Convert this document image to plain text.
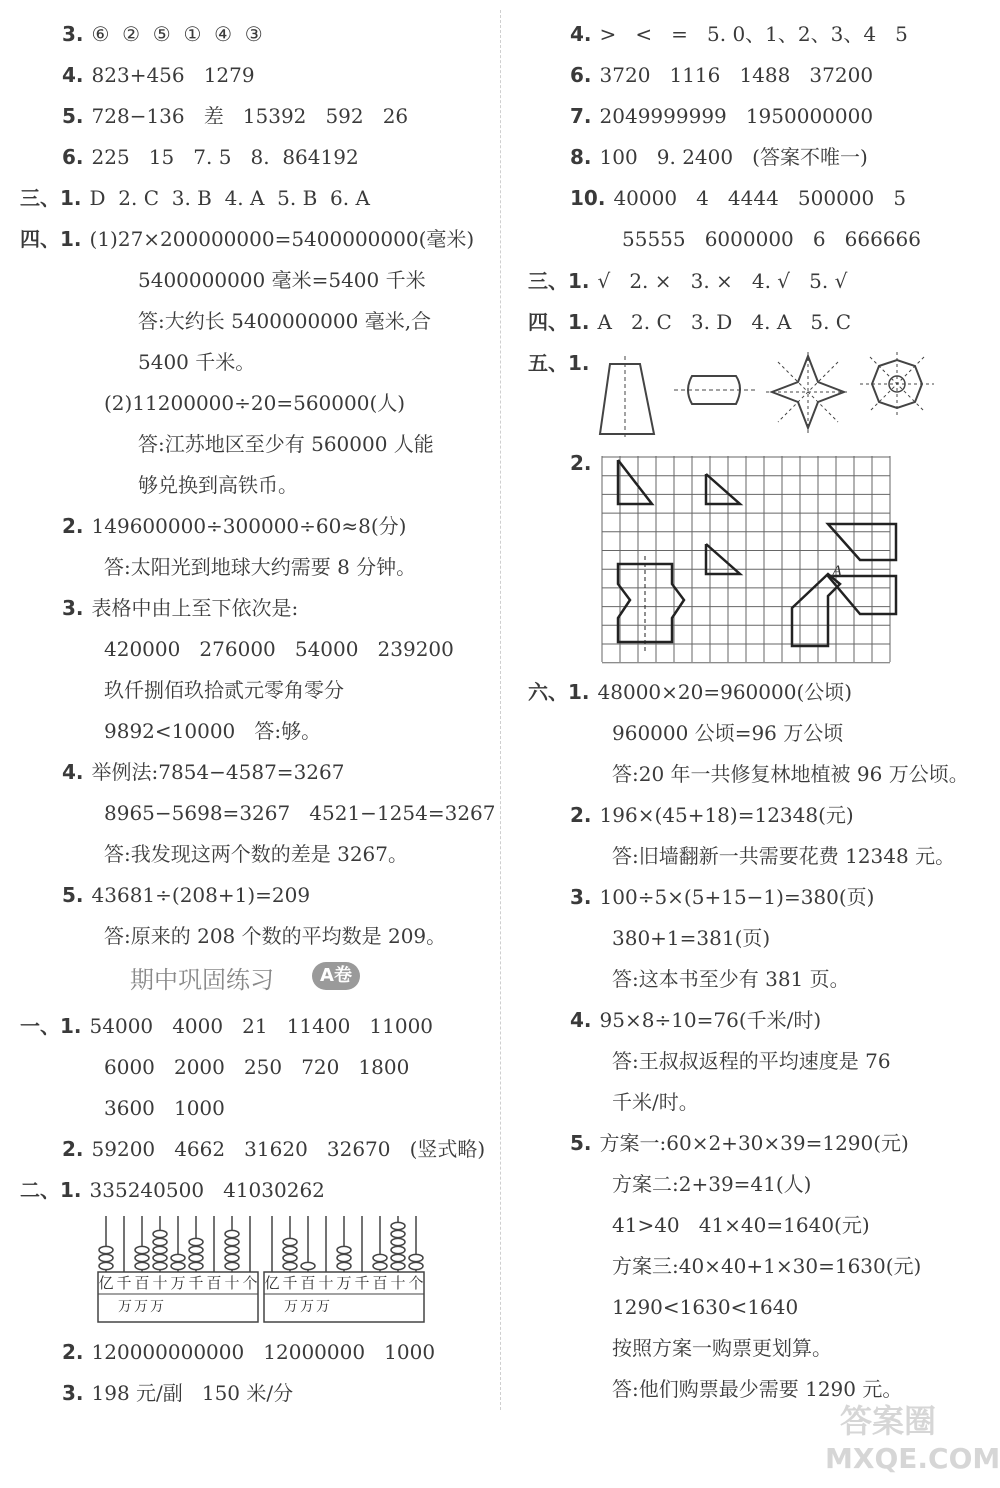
3. ⑥  ②  ⑤  ①  ④  ③
4. 823+456   1279
5. 728−136   差   15392   592   26
6. 225   15   7. 5   8.  864192
三、1. D  2. C  3. B  4. A  5. B  6. A
四、1. (1)27×200000000=5400000000(毫米)
5400000000 毫米=5400 千米
答:大约长 5400000000 毫米,合
5400 千米。
(2)11200000÷20=560000(人)
答:江苏地区至少有 560000 人能
够兑换到高铁币。
2. 149600000÷300000÷60≈8(分)
答:太阳光到地球大约需要 8 分钟。
3. 表格中由上至下依次是:
420000   276000   54000   239200
玖仟捌佰玖拾贰元零角零分
9892<10000   答:够。
4. 举例法:7854−4587=3267
8965−5698=3267   4521−1254=3267
答:我发现这两个数的差是 3267。
5. 43681÷(208+1)=209
答:原来的 208 个数的平均数是 209。
期中巩固练习	A卷
一、1. 54000   4000   21   11400   11000
6000   2000   250   720   1800
3600   1000
2. 59200   4662   31620   32670   (竖式略)
二、1. 335240500   41030262
2. 120000000000   12000000   1000
3. 198 元/副   150 米/分
亿 千 百 十 万 千 百 十 个
万万万
亿 千 百 十 万 千 百 十 个
万万万
4. >   <   =   5. 0、1、2、3、4   5
6. 3720   1116   1488   37200
7. 2049999999   1950000000
8. 100   9. 2400   (答案不唯一)
10. 40000   4   4444   500000   5
55555   6000000   6   666666
三、1. √   2. ×   3. ×   4. √   5. √
四、1. A   2. C   3. D   4. A   5. C
五、1.
2.
A
六、1. 48000×20=960000(公顷)
960000 公顷=96 万公顷
答:20 年一共修复林地植被 96 万公顷。
2. 196×(45+18)=12348(元)
答:旧墙翻新一共需要花费 12348 元。
3. 100÷5×(5+15−1)=380(页)
380+1=381(页)
答:这本书至少有 381 页。
4. 95×8÷10=76(千米/时)
答:王叔叔返程的平均速度是 76
千米/时。
5. 方案一:60×2+30×39=1290(元)
方案二:2+39=41(人)
41>40   41×40=1640(元)
方案三:40×40+1×30=1630(元)
1290<1630<1640
按照方案一购票更划算。
答:他们购票最少需要 1290 元。
答案圈
MXQE.COM
